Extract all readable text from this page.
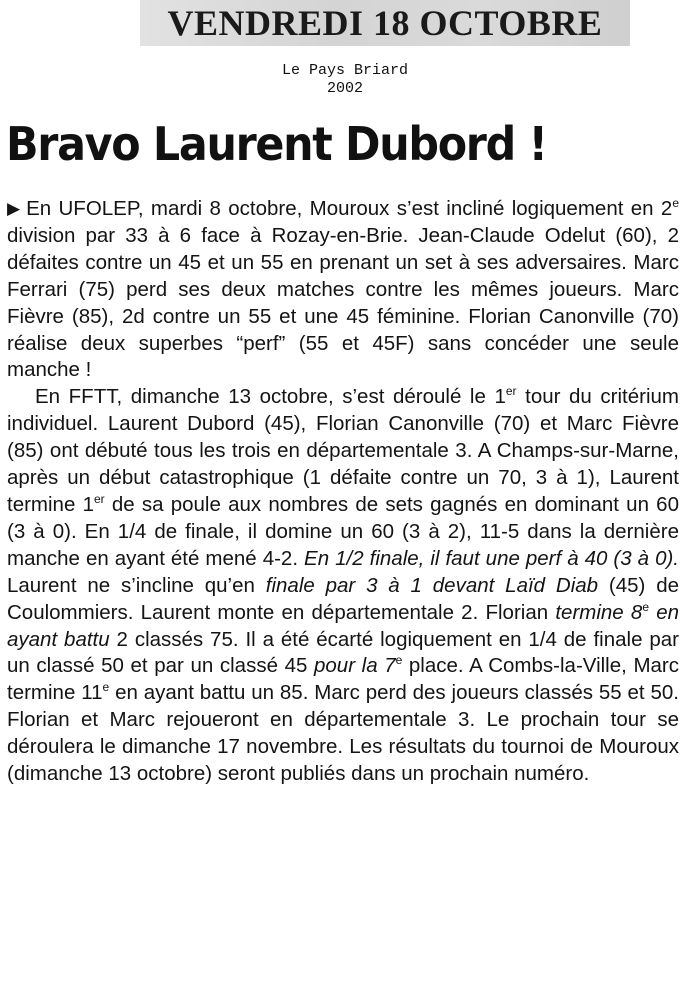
VENDREDI 18 OCTOBRE
Le Pays Briard
2002
Bravo Laurent Dubord !

▶ En UFOLEP, mardi 8 octobre, Mouroux s’est incliné logiquement en 2e division par 33 à 6 face à Rozay-en-Brie. Jean-Claude Odelut (60), 2 défaites contre un 45 et un 55 en prenant un set à ses adversaires. Marc Ferrari (75) perd ses deux matches contre les mêmes joueurs. Marc Fièvre (85), 2d contre un 55 et une 45 féminine. Florian Canonville (70) réalise deux superbes “perf” (55 et 45F) sans concéder une seule manche !

En FFTT, dimanche 13 octobre, s’est déroulé le 1er tour du critérium individuel. Laurent Dubord (45), Florian Canonville (70) et Marc Fièvre (85) ont débuté tous les trois en départementale 3. A Champs-sur-Marne, après un début catastrophique (1 défaite contre un 70, 3 à 1), Laurent termine 1er de sa poule aux nombres de sets gagnés en dominant un 60 (3 à 0). En 1/4 de finale, il domine un 60 (3 à 2), 11-5 dans la dernière manche en ayant été mené 4-2. En 1/2 finale, il faut une perf à 40 (3 à 0). Laurent ne s’incline qu’en finale par 3 à 1 devant Laïd Diab (45) de Coulommiers. Laurent monte en départementale 2. Florian termine 8e en ayant battu 2 classés 75. Il a été écarté logiquement en 1/4 de finale par un classé 50 et par un classé 45 pour la 7e place. A Combs-la-Ville, Marc termine 11e en ayant battu un 85. Marc perd des joueurs classés 55 et 50. Florian et Marc rejoueront en départementale 3. Le prochain tour se déroulera le dimanche 17 novembre. Les résultats du tournoi de Mouroux (dimanche 13 octobre) seront publiés dans un prochain numéro.
